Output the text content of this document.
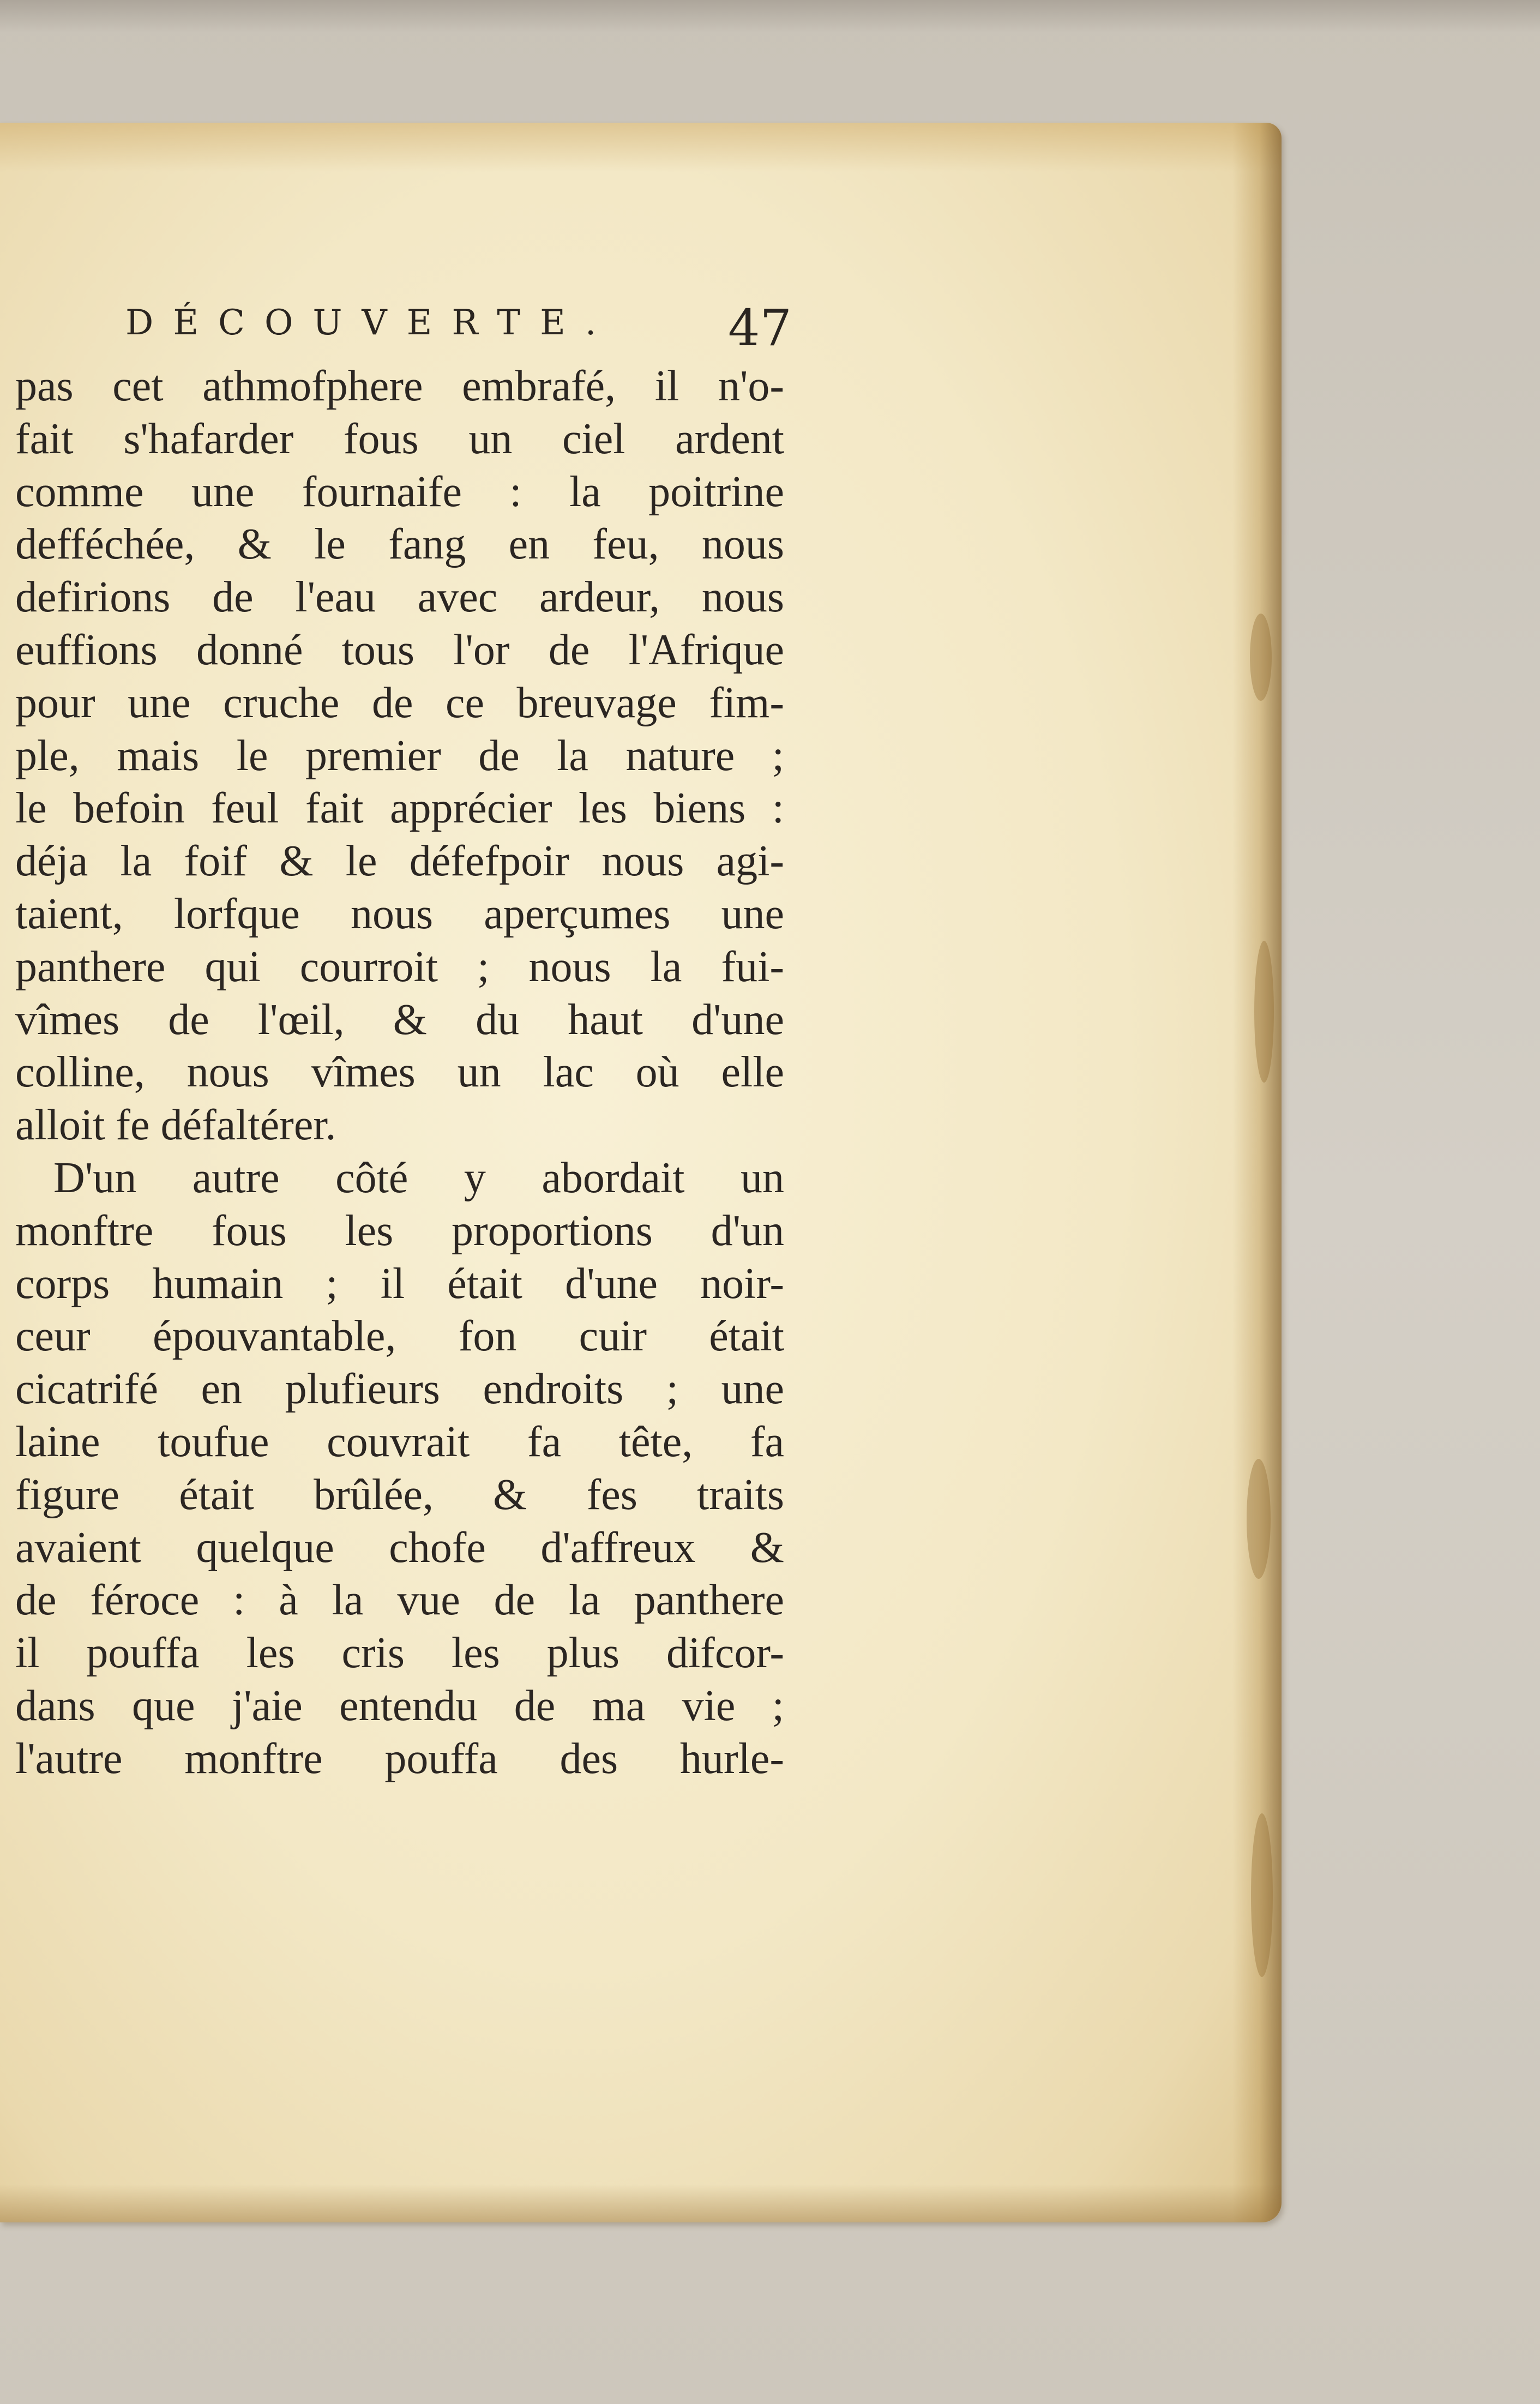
DÉCOUVERTE. 47
pas cet athmofphere embrafé, il n'o-
fait s'hafarder fous un ciel ardent
comme une fournaife : la poitrine
defféchée, & le fang en feu, nous
defirions de l'eau avec ardeur, nous
euffions donné tous l'or de l'Afrique
pour une cruche de ce breuvage fim-
ple, mais le premier de la nature ;
le befoin feul fait apprécier les biens :
déja la foif & le défefpoir nous agi-
taient, lorfque nous aperçumes une
panthere qui courroit ; nous la fui-
vîmes de l'œil, & du haut d'une
colline, nous vîmes un lac où elle
alloit fe défaltérer.
D'un autre côté y abordait un
monftre fous les proportions d'un
corps humain ; il était d'une noir-
ceur épouvantable, fon cuir était
cicatrifé en plufieurs endroits ; une
laine toufue couvrait fa tête, fa
figure était brûlée, & fes traits
avaient quelque chofe d'affreux &
de féroce : à la vue de la panthere
il pouffa les cris les plus difcor-
dans que j'aie entendu de ma vie ;
l'autre monftre pouffa des hurle-
